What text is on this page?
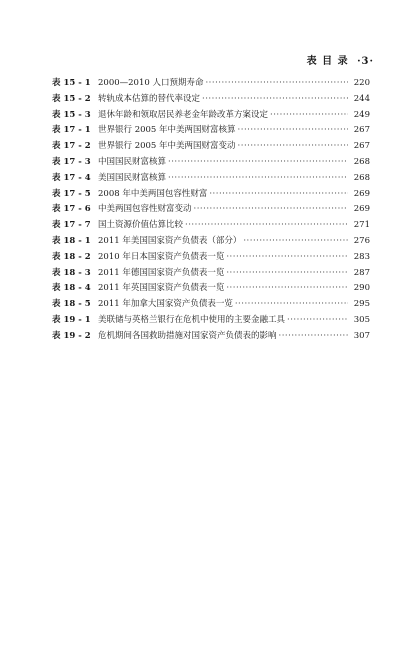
表 目 录 ·3·
表 15 - 1 2000—2010 人口预期寿命 ·····	220
表 15 - 2 转轨成本估算的替代率设定 ·····	244
表 15 - 3 退休年龄和领取居民养老金年龄改革方案设定 ·····	249
表 17 - 1 世界银行 2005 年中美两国财富核算 ·····	267
表 17 - 2 世界银行 2005 年中美两国财富变动 ·····	267
表 17 - 3 中国国民财富核算 ·····	268
表 17 - 4 美国国民财富核算 ·····	268
表 17 - 5 2008 年中美两国包容性财富 ·····	269
表 17 - 6 中美两国包容性财富变动 ·····	269
表 17 - 7 国土资源价值估算比较 ·····	271
表 18 - 1 2011 年美国国家资产负债表（部分） ·····	276
表 18 - 2 2010 年日本国家资产负债表一览 ·····	283
表 18 - 3 2011 年德国国家资产负债表一览 ·····	287
表 18 - 4 2011 年英国国家资产负债表一览 ·····	290
表 18 - 5 2011 年加拿大国家资产负债表一览 ·····	295
表 19 - 1 美联储与英格兰银行在危机中使用的主要金融工具 ·····	305
表 19 - 2 危机期间各国救助措施对国家资产负债表的影响 ·····	307
